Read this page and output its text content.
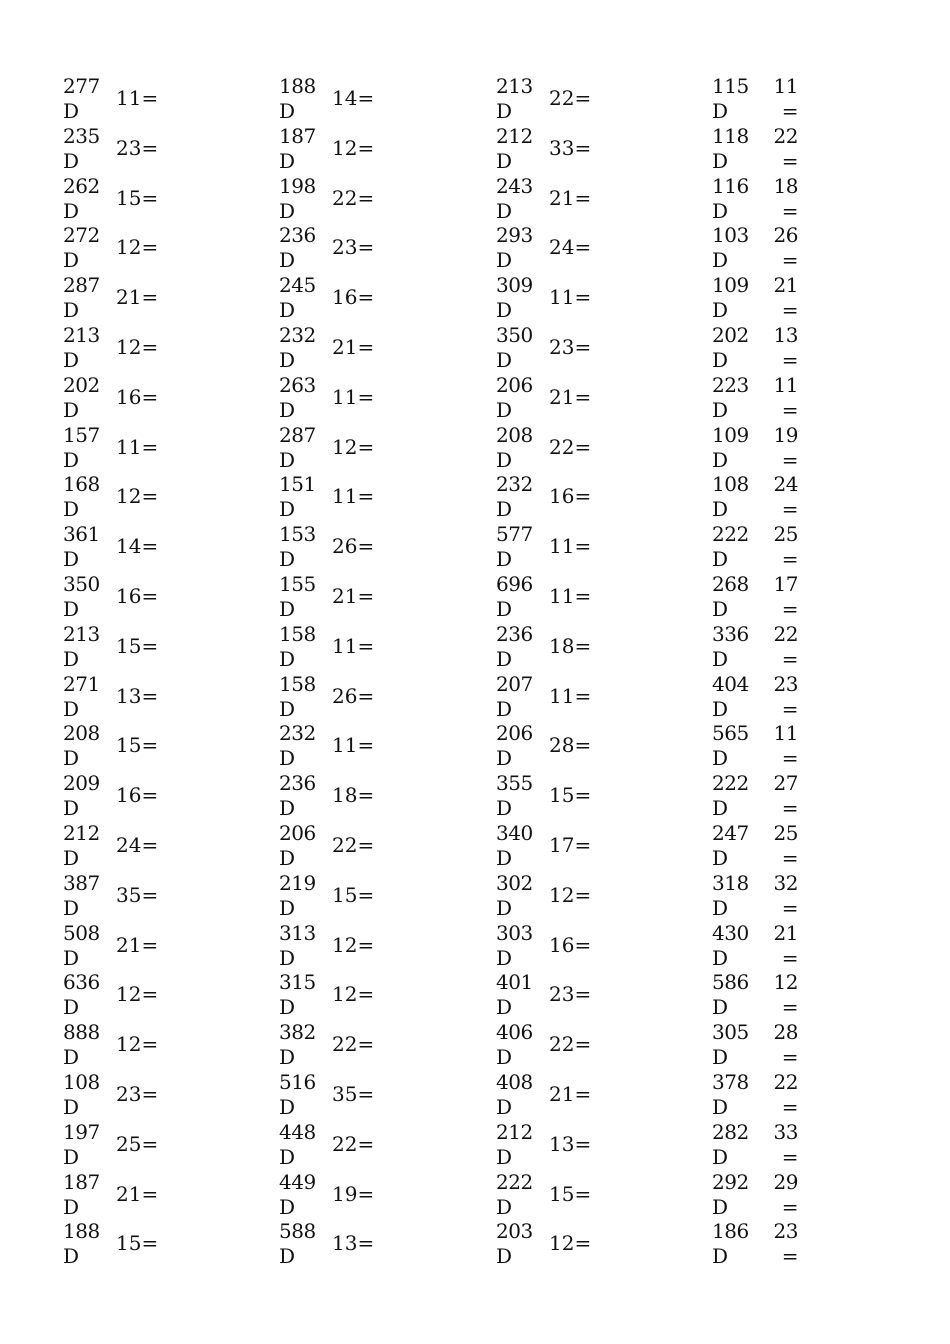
277D
11=
235D
23=
262D
15=
272D
12=
287D
21=
213D
12=
202D
16=
157D
11=
168D
12=
361D
14=
350D
16=
213D
15=
271D
13=
208D
15=
209D
16=
212D
24=
387D
35=
508D
21=
636D
12=
888D
12=
108D
23=
197D
25=
187D
21=
188D
15=
188D
14=
187D
12=
198D
22=
236D
23=
245D
16=
232D
21=
263D
11=
287D
12=
151D
11=
153D
26=
155D
21=
158D
11=
158D
26=
232D
11=
236D
18=
206D
22=
219D
15=
313D
12=
315D
12=
382D
22=
516D
35=
448D
22=
449D
19=
588D
13=
213D
22=
212D
33=
243D
21=
293D
24=
309D
11=
350D
23=
206D
21=
208D
22=
232D
16=
577D
11=
696D
11=
236D
18=
207D
11=
206D
28=
355D
15=
340D
17=
302D
12=
303D
16=
401D
23=
406D
22=
408D
21=
212D
13=
222D
15=
203D
12=
115D
11=
118D
22=
116D
18=
103D
26=
109D
21=
202D
13=
223D
11=
109D
19=
108D
24=
222D
25=
268D
17=
336D
22=
404D
23=
565D
11=
222D
27=
247D
25=
318D
32=
430D
21=
586D
12=
305D
28=
378D
22=
282D
33=
292D
29=
186D
23=
